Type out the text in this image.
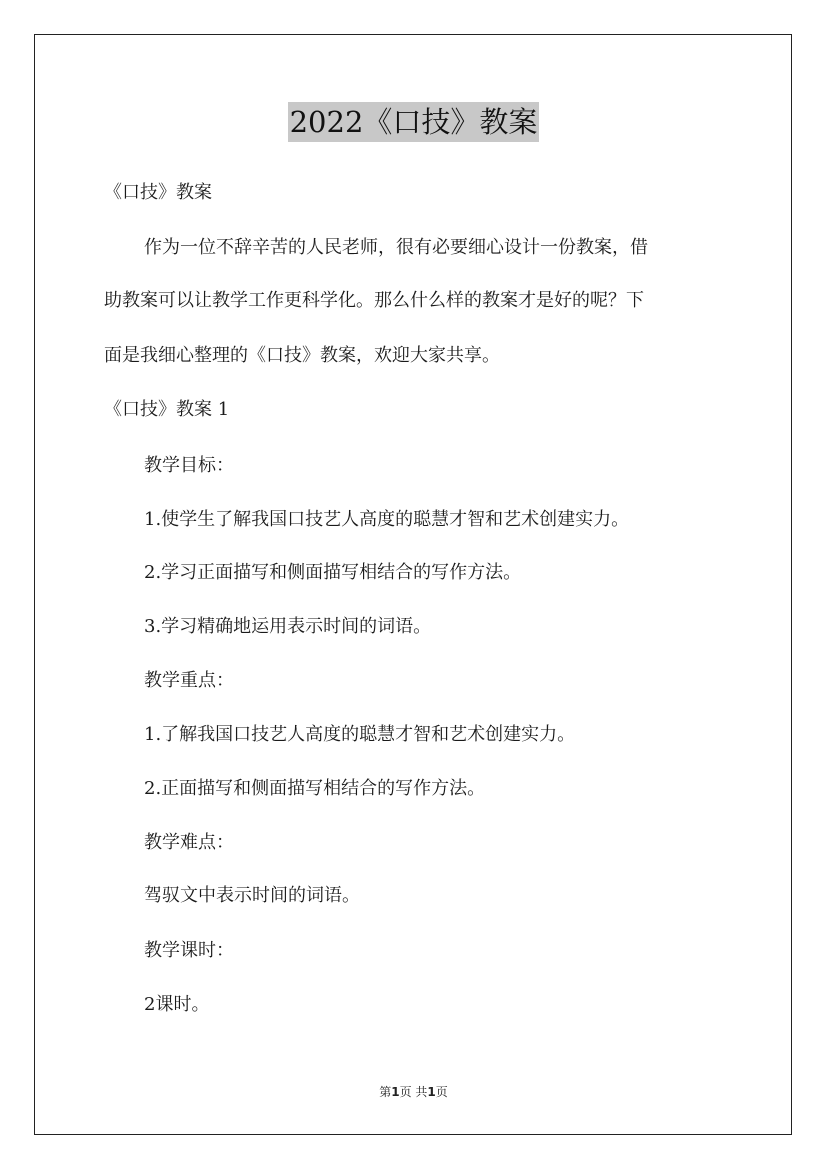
2022《口技》教案
《口技》教案
作为一位不辞辛苦的人民老师，很有必要细心设计一份教案，借
助教案可以让教学工作更科学化。那么什么样的教案才是好的呢？下
面是我细心整理的《口技》教案，欢迎大家共享。
《口技》教案 1
教学目标：
1.使学生了解我国口技艺人高度的聪慧才智和艺术创建实力。
2.学习正面描写和侧面描写相结合的写作方法。
3.学习精确地运用表示时间的词语。
教学重点：
1.了解我国口技艺人高度的聪慧才智和艺术创建实力。
2.正面描写和侧面描写相结合的写作方法。
教学难点：
驾驭文中表示时间的词语。
教学课时：
2课时。
第1页 共1页
